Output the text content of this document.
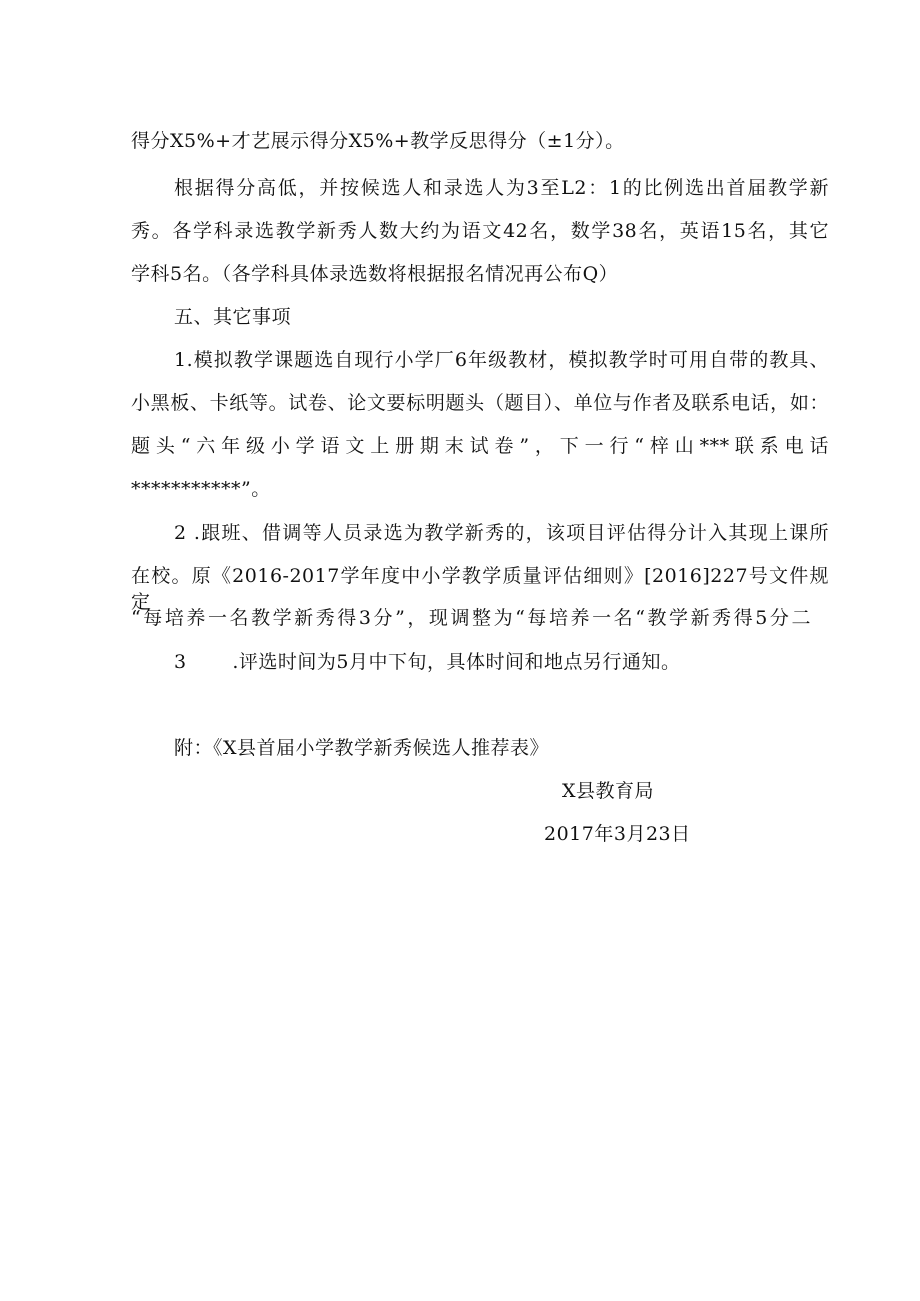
得分X5%+才艺展示得分X5%+教学反思得分（±1分）。
根据得分高低，并按候选人和录选人为3至L2：1的比例选出首届教学新
秀。各学科录选教学新秀人数大约为语文42名，数学38名，英语15名，其它
学科5名。（各学科具体录选数将根据报名情况再公布Q）
五、其它事项
1.模拟教学课题选自现行小学厂6年级教材，模拟教学时可用自带的教具、
小黑板、卡纸等。试卷、论文要标明题头（题目）、单位与作者及联系电话，如：
题头“六年级小学语文上册期末试卷”，下一行“梓山***联系电话
***********”。
2 .跟班、借调等人员录选为教学新秀的，该项目评估得分计入其现上课所
在校。原《2016-2017学年度中小学教学质量评估细则》[2016]227号文件规定
“每培养一名教学新秀得3分”，现调整为“每培养一名“教学新秀得5分二
3       .评选时间为5月中下旬，具体时间和地点另行通知。
附：《X县首届小学教学新秀候选人推荐表》
X县教育局
2017年3月23日
